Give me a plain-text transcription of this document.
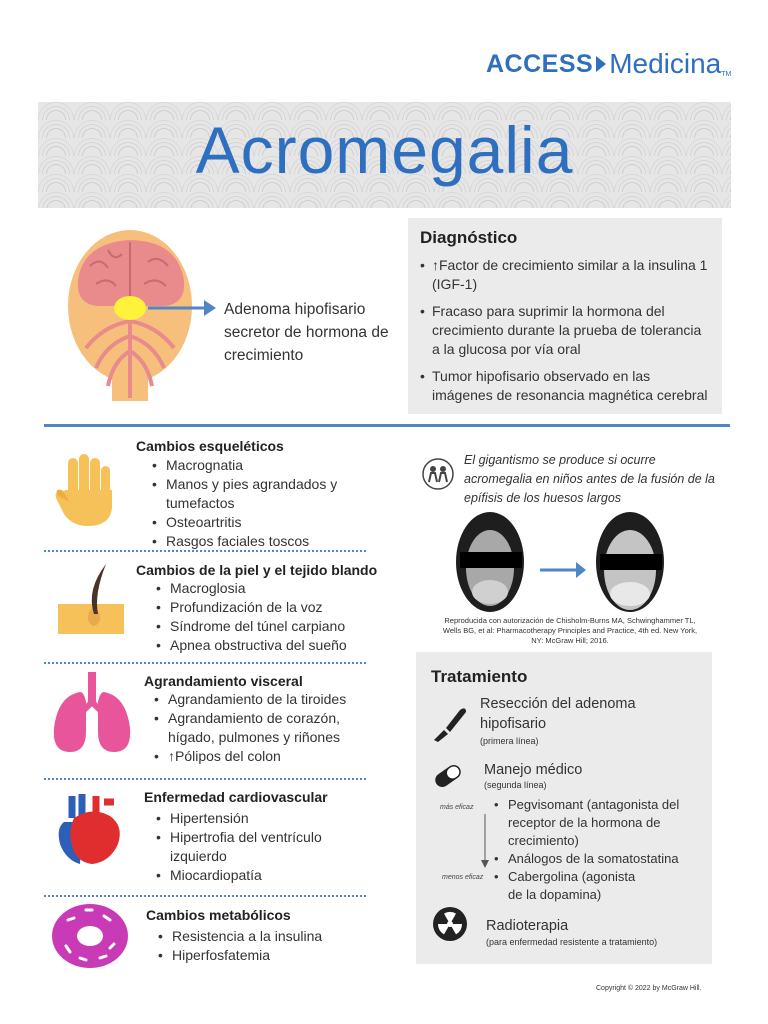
ACCESS Medicina TM
Acromegalia
Adenoma hipofisario secretor de hormona de crecimiento
Diagnóstico
• ↑Factor de crecimiento similar a la insulina 1 (IGF-1)
• Fracaso para suprimir la hormona del crecimiento durante la prueba de tolerancia a la glucosa por vía oral
• Tumor hipofisario observado en las imágenes de resonancia magnética cerebral
Cambios esqueléticos
• Macrognatia
• Manos y pies agrandados y tumefactos
• Osteoartritis
• Rasgos faciales toscos
Cambios de la piel y el tejido blando
• Macroglosia
• Profundización de la voz
• Síndrome del túnel carpiano
• Apnea obstructiva del sueño
Agrandamiento visceral
• Agrandamiento de la tiroides
• Agrandamiento de corazón, hígado, pulmones y riñones
• ↑Pólipos del colon
Enfermedad cardiovascular
• Hipertensión
• Hipertrofia del ventrículo izquierdo
• Miocardiopatía
Cambios metabólicos
• Resistencia a la insulina
• Hiperfosfatemia
El gigantismo se produce si ocurre acromegalia en niños antes de la fusión de la epífisis de los huesos largos
Reproducida con autorización de Chisholm-Burns MA, Schwinghammer TL, Wells BG, et al: Pharmacotherapy Principles and Practice, 4th ed. New York, NY: McGraw Hill; 2016.
Tratamiento
Resección del adenoma hipofisario
(primera línea)
Manejo médico
(segunda línea)
más eficaz
menos eficaz
• Pegvisomant (antagonista del receptor de la hormona de crecimiento)
• Análogos de la somatostatina
• Cabergolina (agonista de la dopamina)
Radioterapia
(para enfermedad resistente a tratamiento)
Copyright © 2022 by McGraw Hill.
